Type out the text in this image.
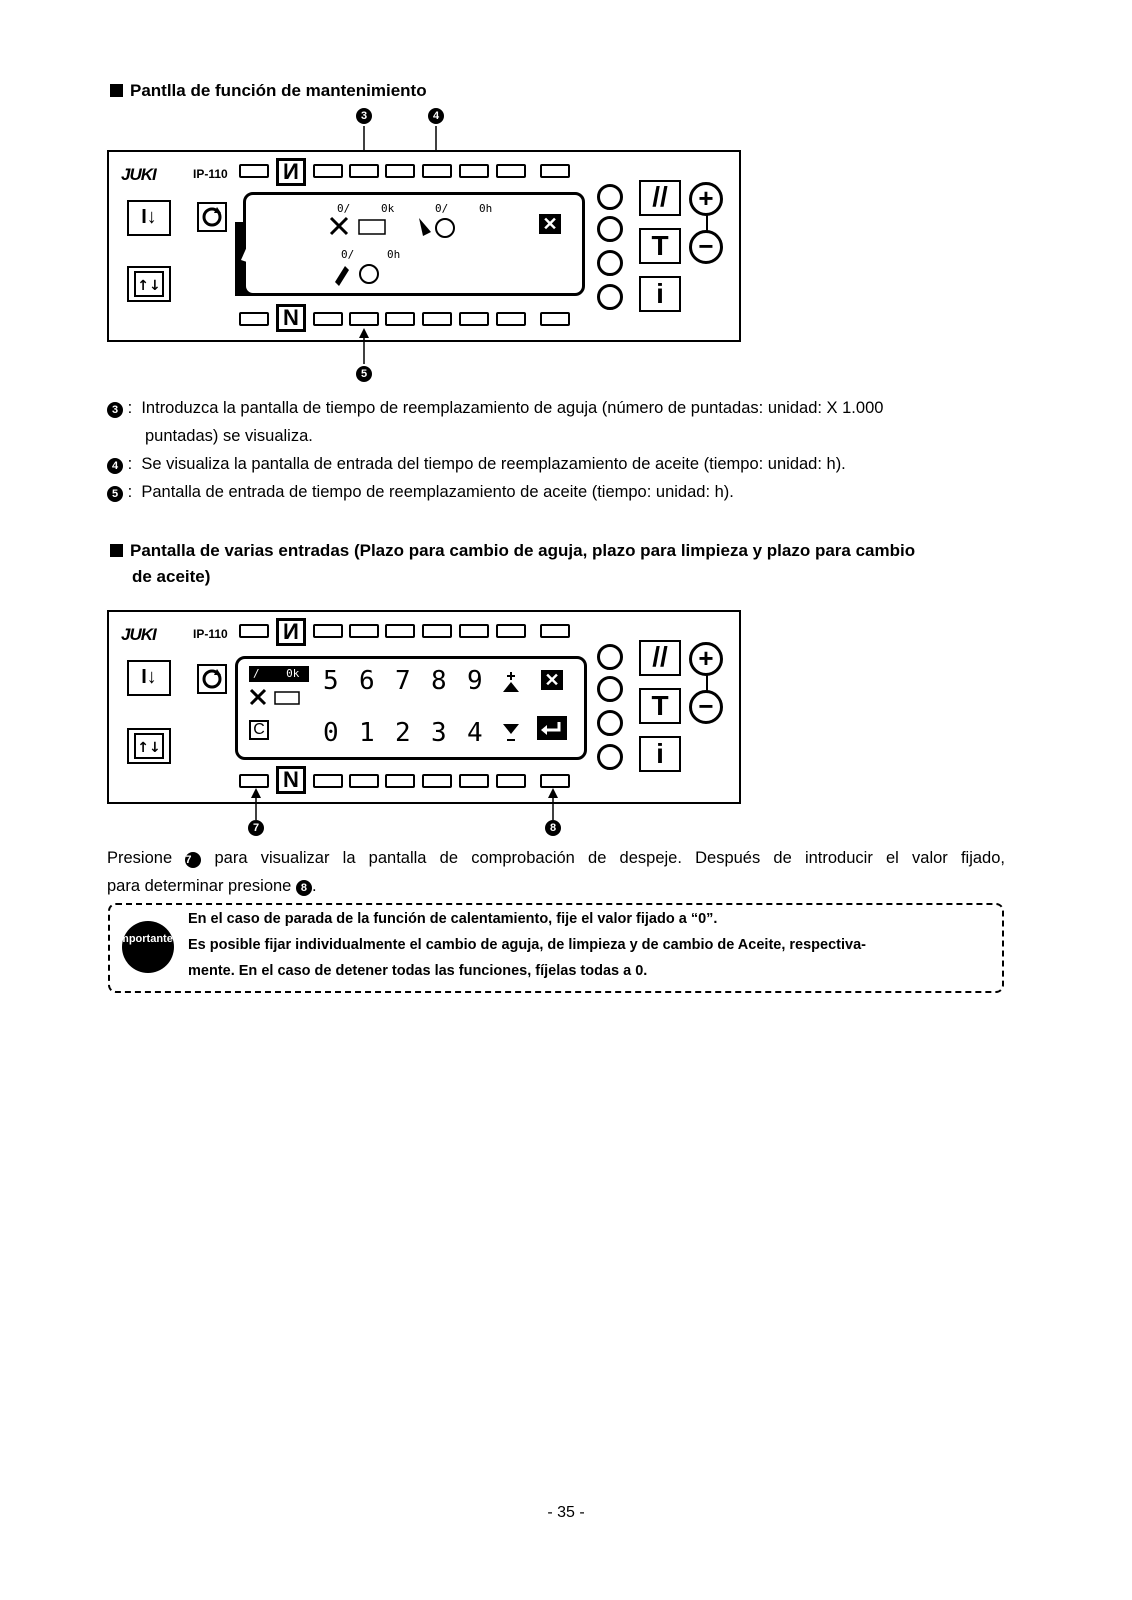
Pantlla de función de mantenimiento
3	4
JUKI	IP-110	N
I↓
↑↓
0/	0k	0/	0h
✕
0/	0h
//
T
i
+
−
N
5
3 :  Introduzca la pantalla de tiempo de reemplazamiento de aguja (número de puntadas: unidad: X 1.000
puntadas) se visualiza.
4 :  Se visualiza la pantalla de entrada del tiempo de reemplazamiento de aceite (tiempo: unidad: h).
5 :  Pantalla de entrada de tiempo de reemplazamiento de aceite (tiempo: unidad: h).
Pantalla de varias entradas (Plazo para cambio de aguja, plazo para limpieza y plazo para cambio
de aceite)
JUKI	IP-110	N
I↓
↑↓
/    0k 5 6 7 8 9	✕
C 0 1 2 3 4
//
T
i
+
−
N
7	8
Presione 7 para visualizar la pantalla de comprobación de despeje. Después de introducir el valor fijado,
para determinar presione 8 .
Importante
En el caso de parada de la función de calentamiento, fije el valor fijado a “0”.
Es posible fijar individualmente el cambio de aguja, de limpieza y de cambio de Aceite, respectiva-
mente. En el caso de detener todas las funciones, fíjelas todas a 0.
- 35 -
